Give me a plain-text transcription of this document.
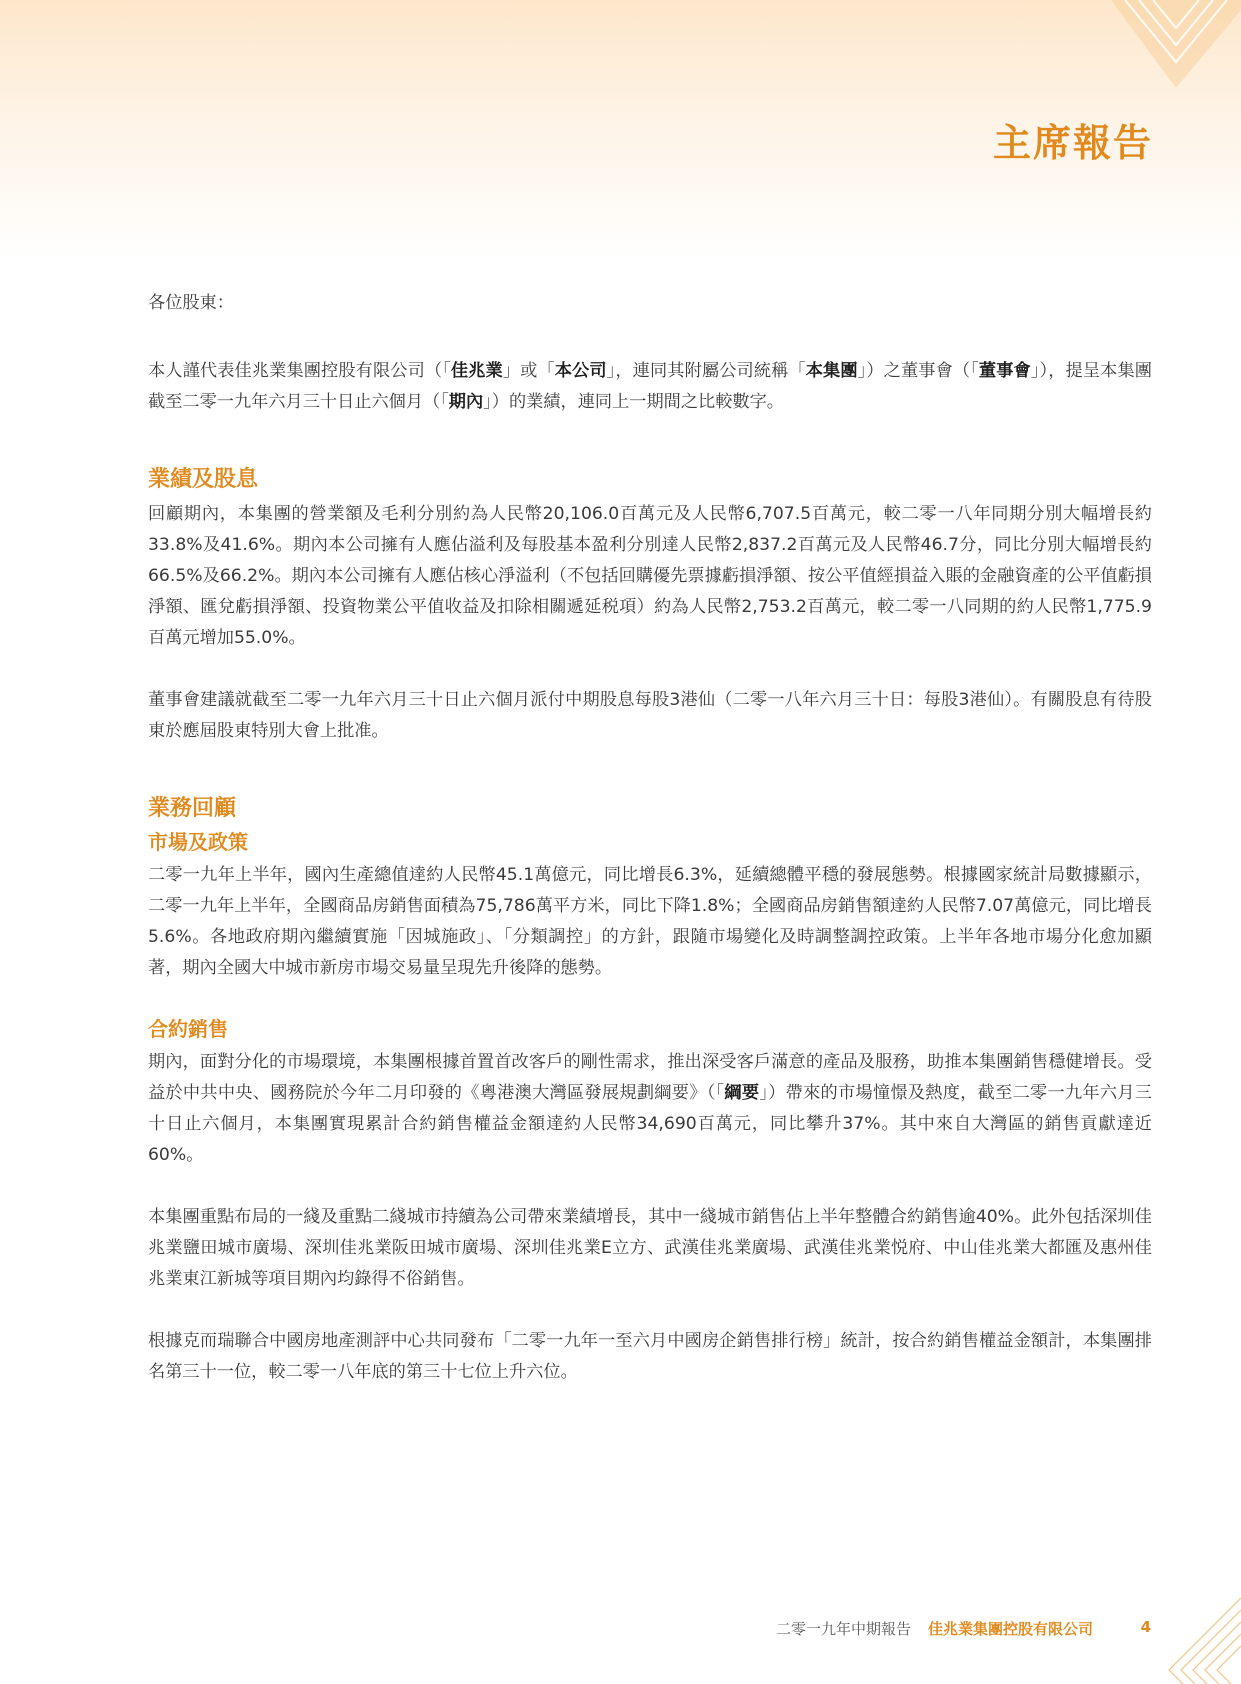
主席報告

各位股東：

本人謹代表佳兆業集團控股有限公司（「佳兆業」或「本公司」，連同其附屬公司統稱「本集團」）之董事會（「董事會」），提呈本集團截至二零一九年六月三十日止六個月（「期內」）的業績，連同上一期間之比較數字。

業績及股息

回顧期內，本集團的營業額及毛利分別約為人民幣20,106.0百萬元及人民幣6,707.5百萬元，較二零一八年同期分別大幅增長約33.8%及41.6%。期內本公司擁有人應佔溢利及每股基本盈利分別達人民幣2,837.2百萬元及人民幣46.7分，同比分別大幅增長約66.5%及66.2%。期內本公司擁有人應佔核心淨溢利（不包括回購優先票據虧損淨額、按公平值經損益入賬的金融資產的公平值虧損淨額、匯兌虧損淨額、投資物業公平值收益及扣除相關遞延税項）約為人民幣2,753.2百萬元，較二零一八同期的約人民幣1,775.9百萬元增加55.0%。

董事會建議就截至二零一九年六月三十日止六個月派付中期股息每股3港仙（二零一八年六月三十日：每股3港仙）。有關股息有待股東於應屆股東特別大會上批准。

業務回顧
市場及政策

二零一九年上半年，國內生產總值達約人民幣45.1萬億元，同比增長6.3%，延續總體平穩的發展態勢。根據國家統計局數據顯示，二零一九年上半年，全國商品房銷售面積為75,786萬平方米，同比下降1.8%；全國商品房銷售額達約人民幣7.07萬億元，同比增長5.6%。各地政府期內繼續實施「因城施政」、「分類調控」的方針，跟隨市場變化及時調整調控政策。上半年各地市場分化愈加顯著，期內全國大中城市新房市場交易量呈現先升後降的態勢。

合約銷售

期內，面對分化的市場環境，本集團根據首置首改客戶的剛性需求，推出深受客戶滿意的產品及服務，助推本集團銷售穩健增長。受益於中共中央、國務院於今年二月印發的《粵港澳大灣區發展規劃綱要》（「綱要」）帶來的市場憧憬及熱度，截至二零一九年六月三十日止六個月，本集團實現累計合約銷售權益金額達約人民幣34,690百萬元，同比攀升37%。其中來自大灣區的銷售貢獻達近60%。

本集團重點布局的一綫及重點二綫城市持續為公司帶來業績增長，其中一綫城市銷售佔上半年整體合約銷售逾40%。此外包括深圳佳兆業鹽田城市廣場、深圳佳兆業阪田城市廣場、深圳佳兆業E立方、武漢佳兆業廣場、武漢佳兆業悦府、中山佳兆業大都匯及惠州佳兆業東江新城等項目期內均錄得不俗銷售。

根據克而瑞聯合中國房地產測評中心共同發布「二零一九年一至六月中國房企銷售排行榜」統計，按合約銷售權益金額計，本集團排名第三十一位，較二零一八年底的第三十七位上升六位。

二零一九年中期報告 佳兆業集團控股有限公司	4
